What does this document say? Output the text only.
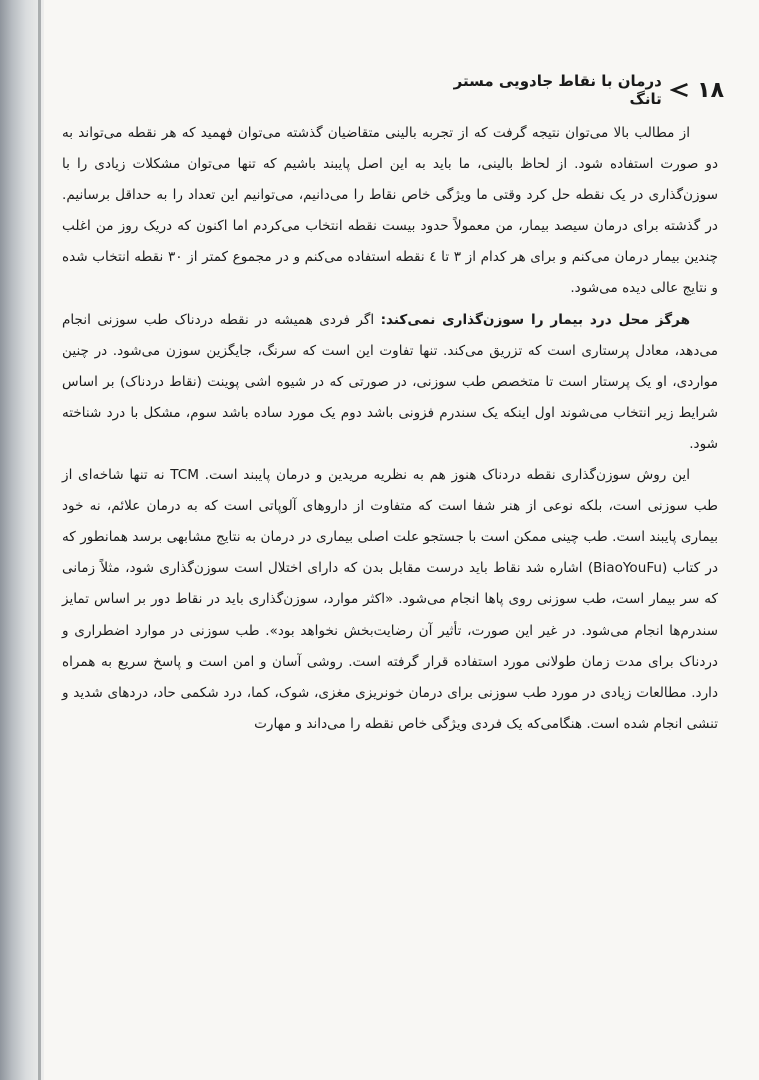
۱۸
درمان با نقاط جادویی مستر تانگ

از مطالب بالا می‌توان نتیجه گرفت که از تجربه بالینی متقاضیان گذشته می‌توان فهمید که هر نقطه می‌تواند به دو صورت استفاده شود. از لحاظ بالینی، ما باید به این اصل پایبند باشیم که تنها می‌توان مشکلات زیادی را با سوزن‌گذاری در یک نقطه حل کرد وقتی ما ویژگی خاص نقاط را می‌دانیم، می‌توانیم این تعداد را به حداقل برسانیم. در گذشته برای درمان سیصد بیمار، من معمولاً حدود بیست نقطه انتخاب می‌کردم اما اکنون که دریک روز من اغلب چندین بیمار درمان می‌کنم و برای هر کدام از ۳ تا ٤ نقطه استفاده می‌کنم و در مجموع کمتر از ۳۰ نقطه انتخاب شده و نتایج عالی دیده می‌شود.

هرگز محل درد بیمار را سوزن‌گذاری نمی‌کند: اگر فردی همیشه در نقطه دردناک طب سوزنی انجام می‌دهد، معادل پرستاری است که تزریق می‌کند. تنها تفاوت این است که سرنگ، جایگزین سوزن می‌شود. در چنین مواردی، او یک پرستار است تا متخصص طب سوزنی، در صورتی که در شیوه اشی پوینت (نقاط دردناک) بر اساس شرایط زیر انتخاب می‌شوند اول اینکه یک سندرم فزونی باشد دوم یک مورد ساده باشد سوم، مشکل با درد شناخته شود.

این روش سوزن‌گذاری نقطه دردناک هنوز هم به نظریه مریدین و درمان پایبند است. TCM نه تنها شاخه‌ای از طب سوزنی است، بلکه نوعی از هنر شفا است که متفاوت از داروهای آلوپاتی است که به درمان علائم، نه خود بیماری پایبند است. طب چینی ممکن است با جستجو علت اصلی بیماری در درمان به نتایج مشابهی برسد همانطور که در کتاب (BiaoYouFu) اشاره شد نقاط باید درست مقابل بدن که دارای اختلال است سوزن‌گذاری شود، مثلاً زمانی که سر بیمار است، طب سوزنی روی پاها انجام می‌شود. «اکثر موارد، سوزن‌گذاری باید در نقاط دور بر اساس تمایز سندرم‌ها انجام می‌شود. در غیر این صورت، تأثیر آن رضایت‌بخش نخواهد بود». طب سوزنی در موارد اضطراری و دردناک برای مدت زمان طولانی مورد استفاده قرار گرفته است. روشی آسان و امن است و پاسخ سریع به همراه دارد. مطالعات زیادی در مورد طب سوزنی برای درمان خونریزی مغزی، شوک، کما، درد شکمی حاد، دردهای شدید و تنشی انجام شده است. هنگامی‌که یک فردی ویژگی خاص نقطه را می‌داند و مهارت
